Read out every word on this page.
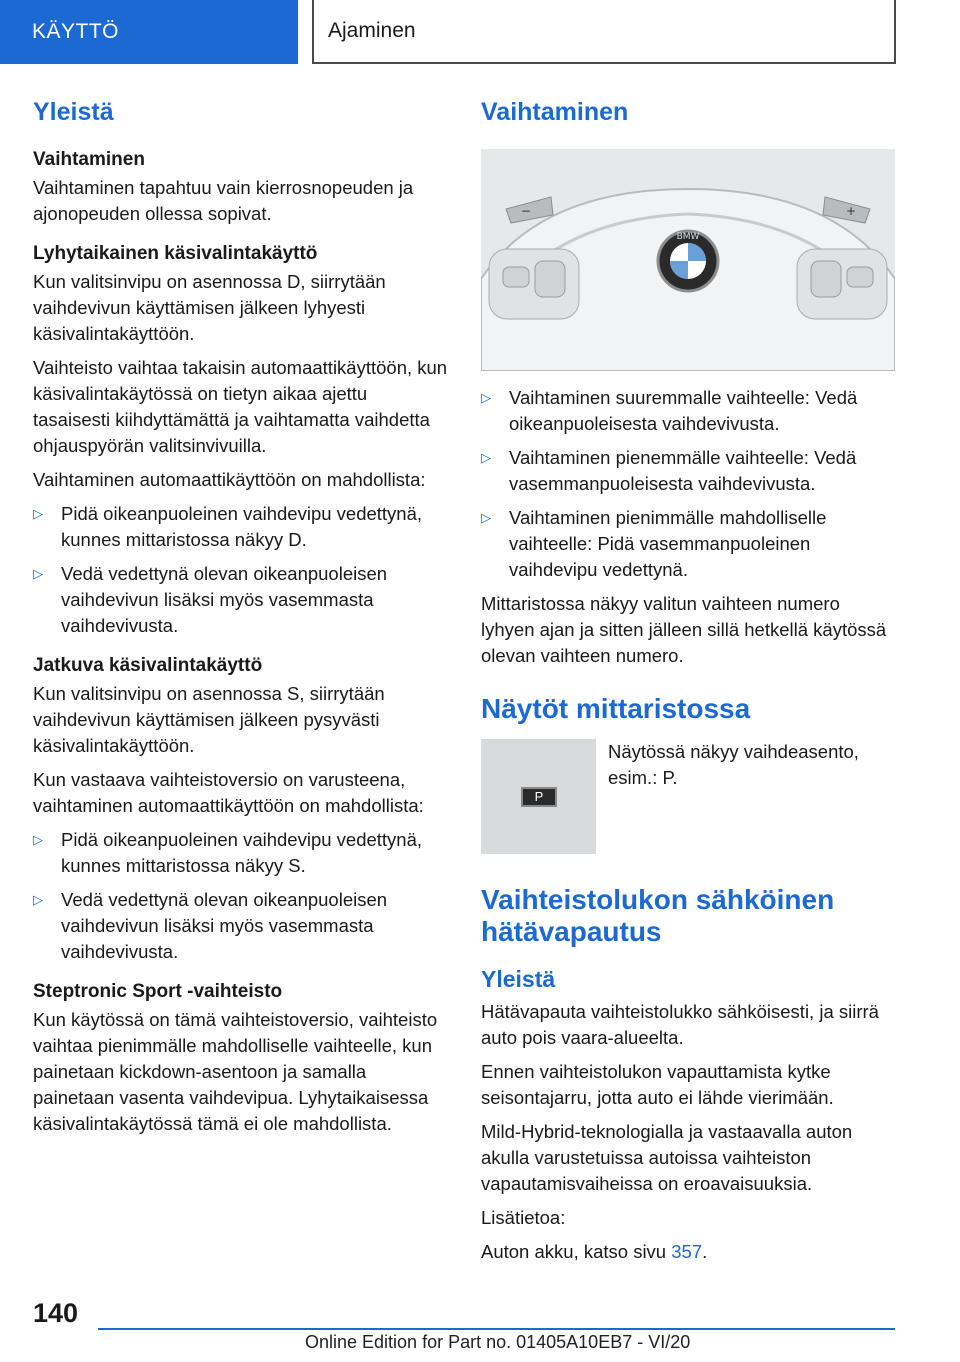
KÄYTTÖ	Ajaminen
Yleistä
Vaihtaminen

Vaihtaminen tapahtuu vain kierrosnopeuden ja ajonopeuden ollessa sopivat.

Lyhytaikainen käsivalintakäyttö

Kun valitsinvipu on asennossa D, siirrytään vaihdevivun käyttämisen jälkeen lyhyesti käsivalintakäyttöön.

Vaihteisto vaihtaa takaisin automaattikäyttöön, kun käsivalintakäytössä on tietyn aikaa ajettu tasaisesti kiihdyttämättä ja vaihtamatta vaihdetta ohjauspyörän valitsinvivuilla.

Vaihtaminen automaattikäyttöön on mahdollista:

▷ Pidä oikeanpuoleinen vaihdevipu vedettynä, kunnes mittaristossa näkyy D.
▷ Vedä vedettynä olevan oikeanpuoleisen vaihdevivun lisäksi myös vasemmasta vaihdevivusta.
Jatkuva käsivalintakäyttö

Kun valitsinvipu on asennossa S, siirrytään vaihdevivun käyttämisen jälkeen pysyvästi käsivalintakäyttöön.

Kun vastaava vaihteistoversio on varusteena, vaihtaminen automaattikäyttöön on mahdollista:

▷ Pidä oikeanpuoleinen vaihdevipu vedettynä, kunnes mittaristossa näkyy S.
▷ Vedä vedettynä olevan oikeanpuoleisen vaihdevivun lisäksi myös vasemmasta vaihdevivusta.
Steptronic Sport -vaihteisto

Kun käytössä on tämä vaihteistoversio, vaihteisto vaihtaa pienimmälle mahdolliselle vaihteelle, kun painetaan kickdown-asentoon ja samalla painetaan vasenta vaihdevipua. Lyhytaikaisessa käsivalintakäytössä tämä ei ole mahdollista.

Vaihtaminen
−	+
BMW
▷ Vaihtaminen suuremmalle vaihteelle: Vedä oikeanpuoleisesta vaihdevivusta.
▷ Vaihtaminen pienemmälle vaihteelle: Vedä vasemmanpuoleisesta vaihdevivusta.
▷ Vaihtaminen pienimmälle mahdolliselle vaihteelle: Pidä vasemmanpuoleinen vaihdevipu vedettynä.

Mittaristossa näkyy valitun vaihteen numero lyhyen ajan ja sitten jälleen sillä hetkellä käytössä olevan vaihteen numero.

Näytöt mittaristossa
P
Näytössä näkyy vaihdeasento, esim.: P.
Vaihteistolukon sähköinen hätävapautus
Yleistä

Hätävapauta vaihteistolukko sähköisesti, ja siirrä auto pois vaara-alueelta.

Ennen vaihteistolukon vapauttamista kytke seisontajarru, jotta auto ei lähde vierimään.

Mild-Hybrid-teknologialla ja vastaavalla auton akulla varustetuissa autoissa vaihteiston vapautamisvaiheissa on eroavaisuuksia.

Lisätietoa:

Auton akku, katso sivu 357.

140
Online Edition for Part no. 01405A10EB7 - VI/20
